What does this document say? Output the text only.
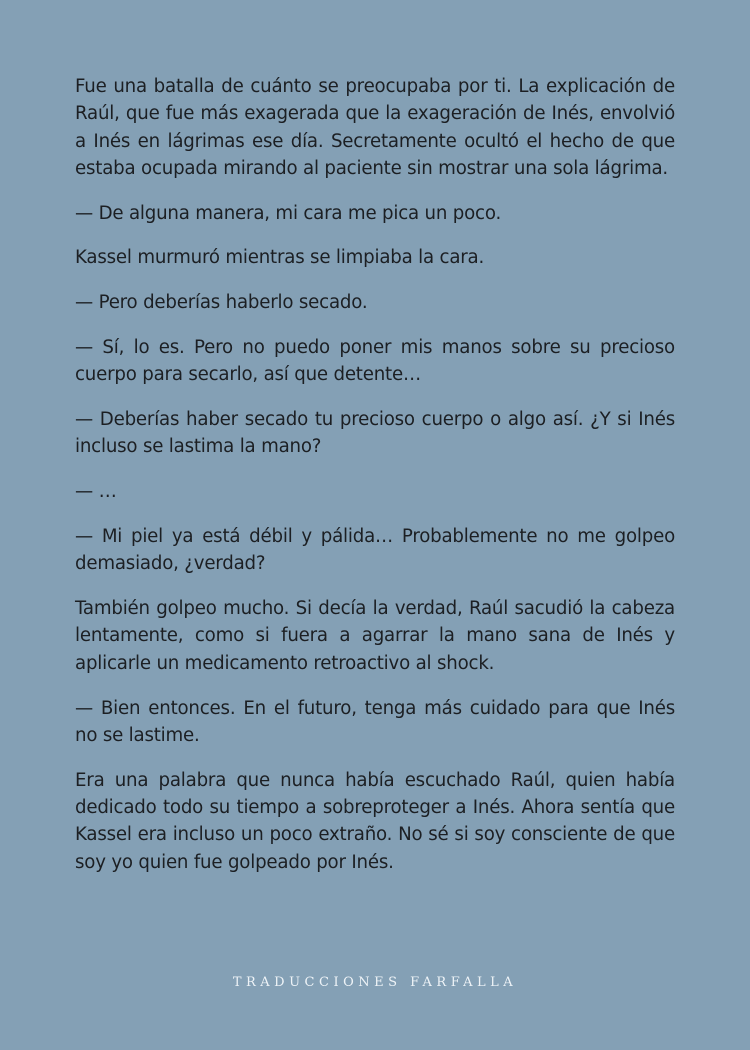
Fue una batalla de cuánto se preocupaba por ti. La explicación de Raúl, que fue más exagerada que la exageración de Inés, envolvió a Inés en lágrimas ese día. Secretamente ocultó el hecho de que estaba ocupada mirando al paciente sin mostrar una sola lágrima.

— De alguna manera, mi cara me pica un poco.

Kassel murmuró mientras se limpiaba la cara.

— Pero deberías haberlo secado.

— Sí, lo es. Pero no puedo poner mis manos sobre su precioso cuerpo para secarlo, así que detente…

— Deberías haber secado tu precioso cuerpo o algo así. ¿Y si Inés incluso se lastima la mano?

— …

— Mi piel ya está débil y pálida… Probablemente no me golpeo demasiado, ¿verdad?

También golpeo mucho. Si decía la verdad, Raúl sacudió la cabeza lentamente, como si fuera a agarrar la mano sana de Inés y aplicarle un medicamento retroactivo al shock.

— Bien entonces. En el futuro, tenga más cuidado para que Inés no se lastime.

Era una palabra que nunca había escuchado Raúl, quien había dedicado todo su tiempo a sobreproteger a Inés. Ahora sentía que Kassel era incluso un poco extraño. No sé si soy consciente de que soy yo quien fue golpeado por Inés.

TRADUCCIONES FARFALLA
